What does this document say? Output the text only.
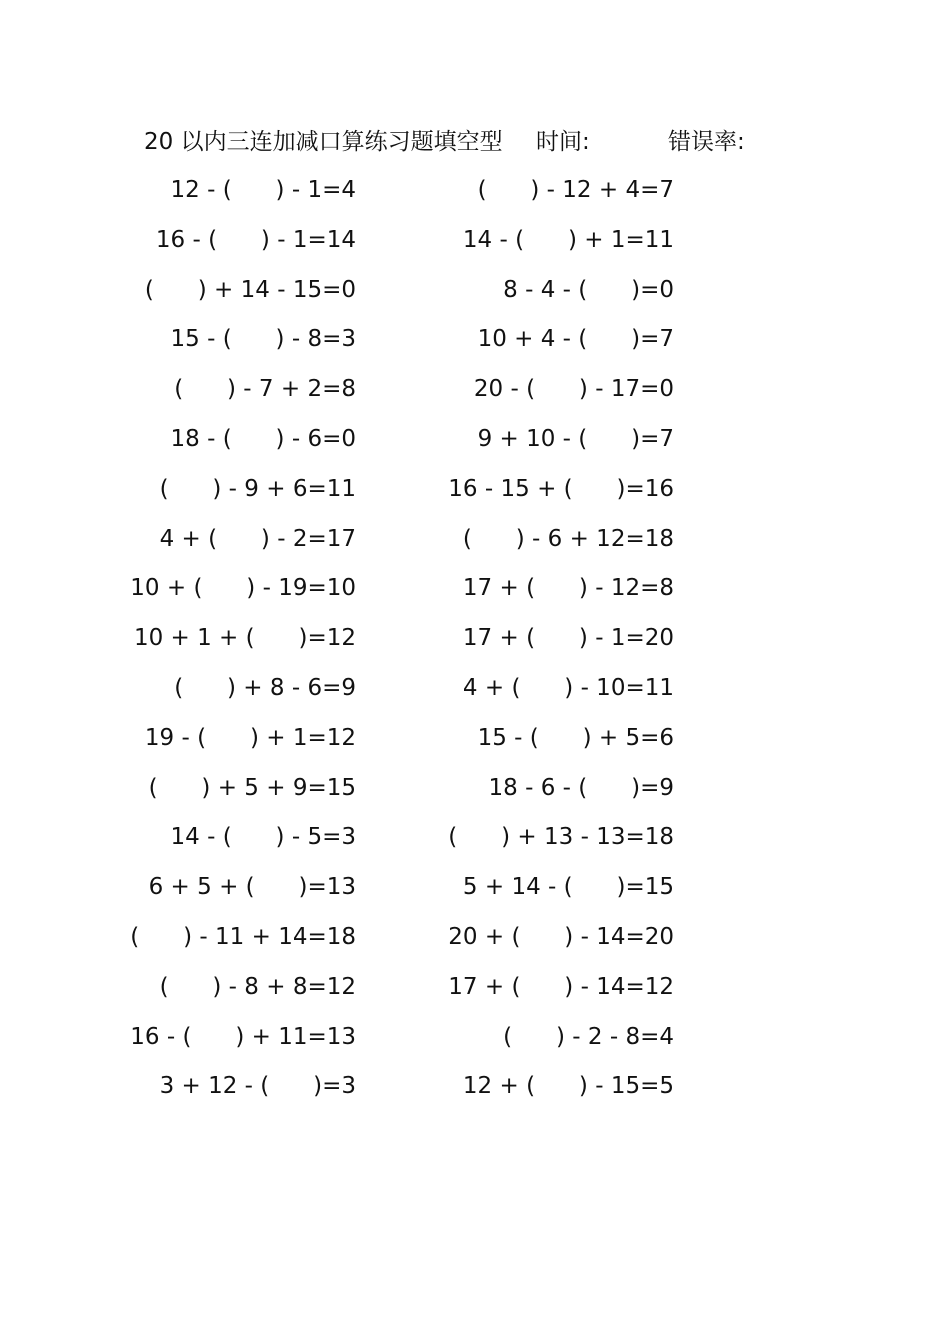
20 以内三连加减口算练习题填空型 时间:	错误率:
12 - (      ) - 1=4	(      ) - 12 + 4=7
16 - (      ) - 1=14	14 - (      ) + 1=11
(      ) + 14 - 15=0	8 - 4 - (      )=0
15 - (      ) - 8=3	10 + 4 - (      )=7
(      ) - 7 + 2=8	20 - (      ) - 17=0
18 - (      ) - 6=0	9 + 10 - (      )=7
(      ) - 9 + 6=11	16 - 15 + (      )=16
4 + (      ) - 2=17	(      ) - 6 + 12=18
10 + (      ) - 19=10	17 + (      ) - 12=8
10 + 1 + (      )=12	17 + (      ) - 1=20
(      ) + 8 - 6=9	4 + (      ) - 10=11
19 - (      ) + 1=12	15 - (      ) + 5=6
(      ) + 5 + 9=15	18 - 6 - (      )=9
14 - (      ) - 5=3	(      ) + 13 - 13=18
6 + 5 + (      )=13	5 + 14 - (      )=15
(      ) - 11 + 14=18	20 + (      ) - 14=20
(      ) - 8 + 8=12	17 + (      ) - 14=12
16 - (      ) + 11=13	(      ) - 2 - 8=4
3 + 12 - (      )=3	12 + (      ) - 15=5
